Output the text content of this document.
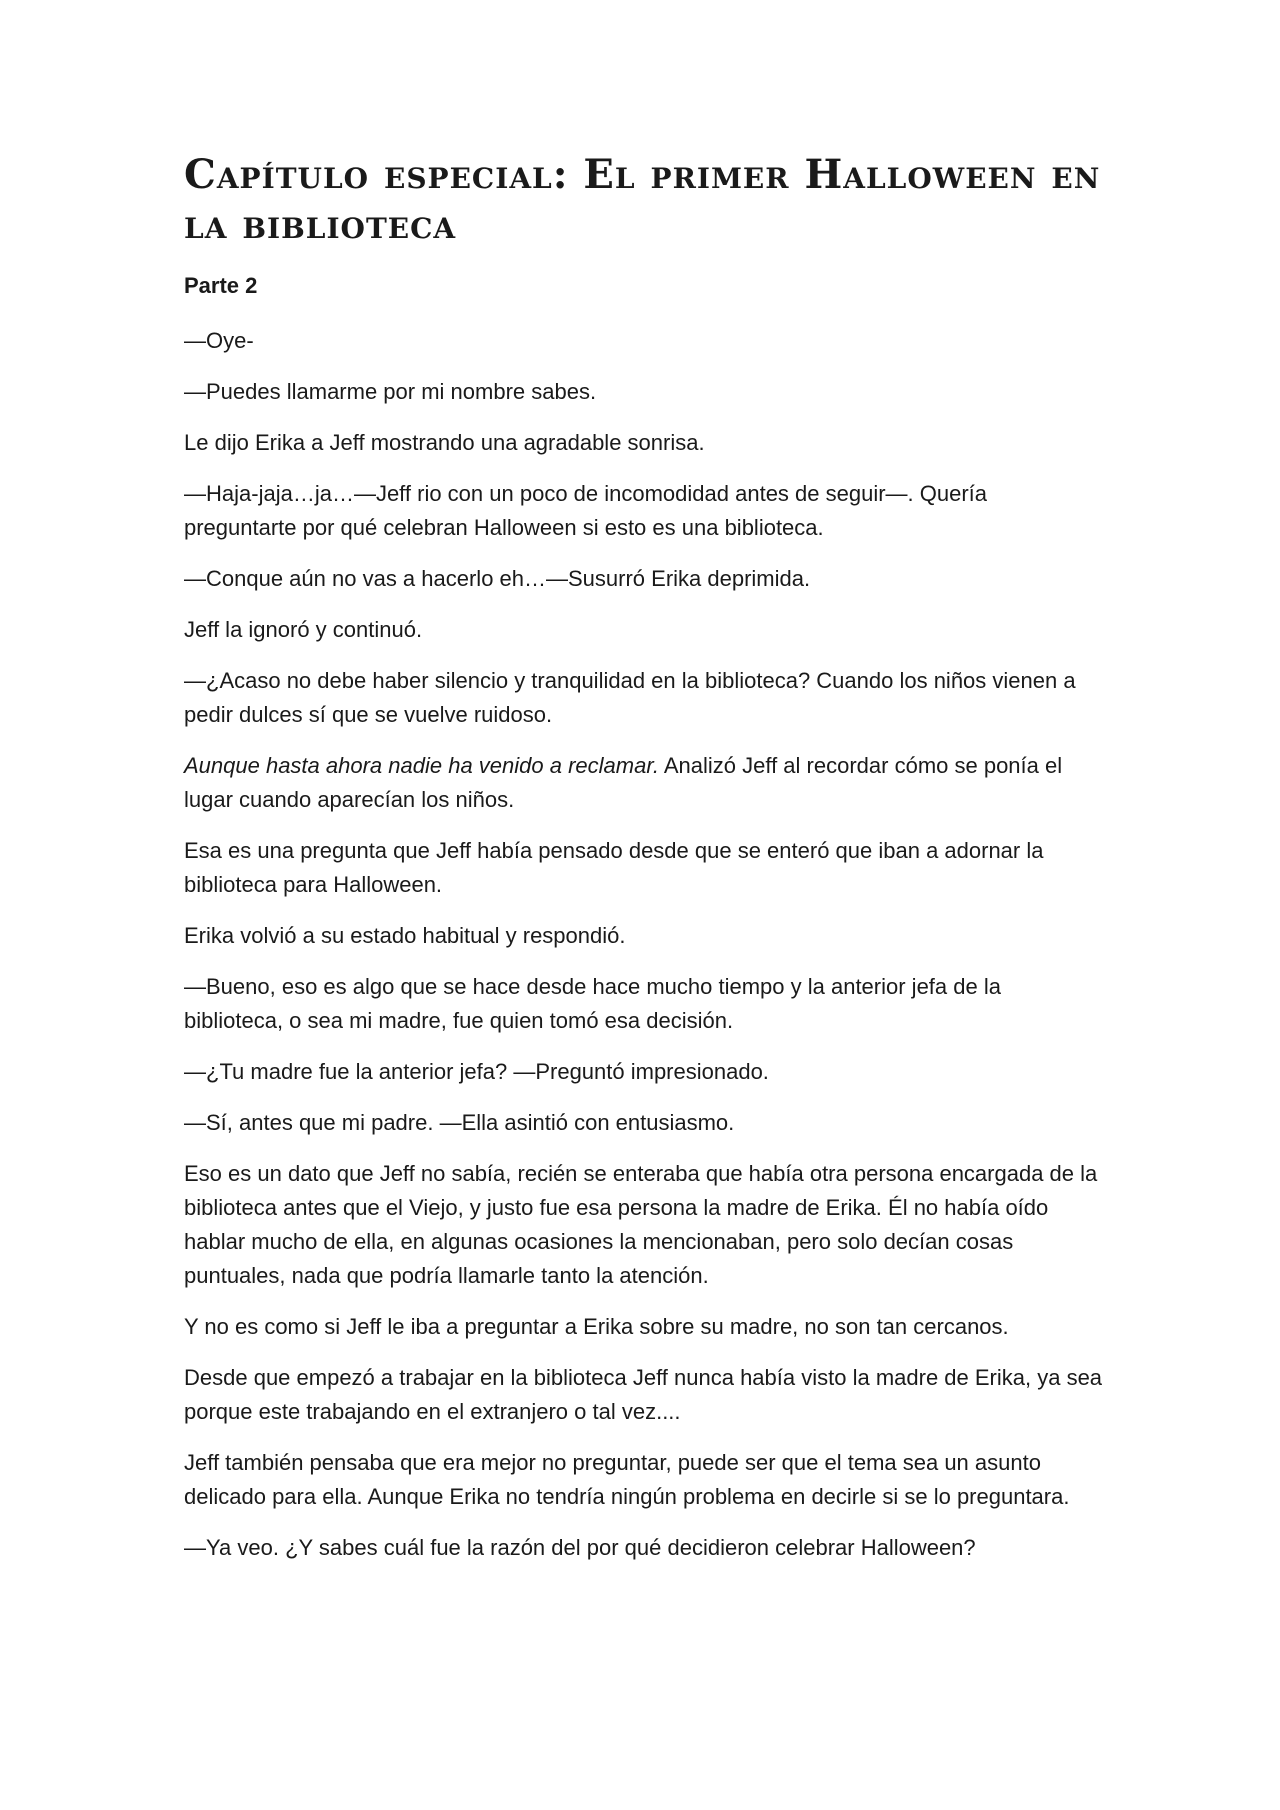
Capítulo especial: El primer Halloween en la biblioteca
Parte 2

—Oye-

—Puedes llamarme por mi nombre sabes.

Le dijo Erika a Jeff mostrando una agradable sonrisa.

—Haja-jaja…ja…—Jeff rio con un poco de incomodidad antes de seguir—. Quería preguntarte por qué celebran Halloween si esto es una biblioteca.

—Conque aún no vas a hacerlo eh…—Susurró Erika deprimida.

Jeff la ignoró y continuó.

—¿Acaso no debe haber silencio y tranquilidad en la biblioteca? Cuando los niños vienen a pedir dulces sí que se vuelve ruidoso.

Aunque hasta ahora nadie ha venido a reclamar. Analizó Jeff al recordar cómo se ponía el lugar cuando aparecían los niños.

Esa es una pregunta que Jeff había pensado desde que se enteró que iban a adornar la biblioteca para Halloween.

Erika volvió a su estado habitual y respondió.

—Bueno, eso es algo que se hace desde hace mucho tiempo y la anterior jefa de la biblioteca, o sea mi madre, fue quien tomó esa decisión.

—¿Tu madre fue la anterior jefa? —Preguntó impresionado.

—Sí, antes que mi padre. —Ella asintió con entusiasmo.

Eso es un dato que Jeff no sabía, recién se enteraba que había otra persona encargada de la biblioteca antes que el Viejo, y justo fue esa persona la madre de Erika. Él no había oído hablar mucho de ella, en algunas ocasiones la mencionaban, pero solo decían cosas puntuales, nada que podría llamarle tanto la atención.

Y no es como si Jeff le iba a preguntar a Erika sobre su madre, no son tan cercanos.

Desde que empezó a trabajar en la biblioteca Jeff nunca había visto la madre de Erika, ya sea porque este trabajando en el extranjero o tal vez....

Jeff también pensaba que era mejor no preguntar, puede ser que el tema sea un asunto delicado para ella. Aunque Erika no tendría ningún problema en decirle si se lo preguntara.

—Ya veo. ¿Y sabes cuál fue la razón del por qué decidieron celebrar Halloween?
